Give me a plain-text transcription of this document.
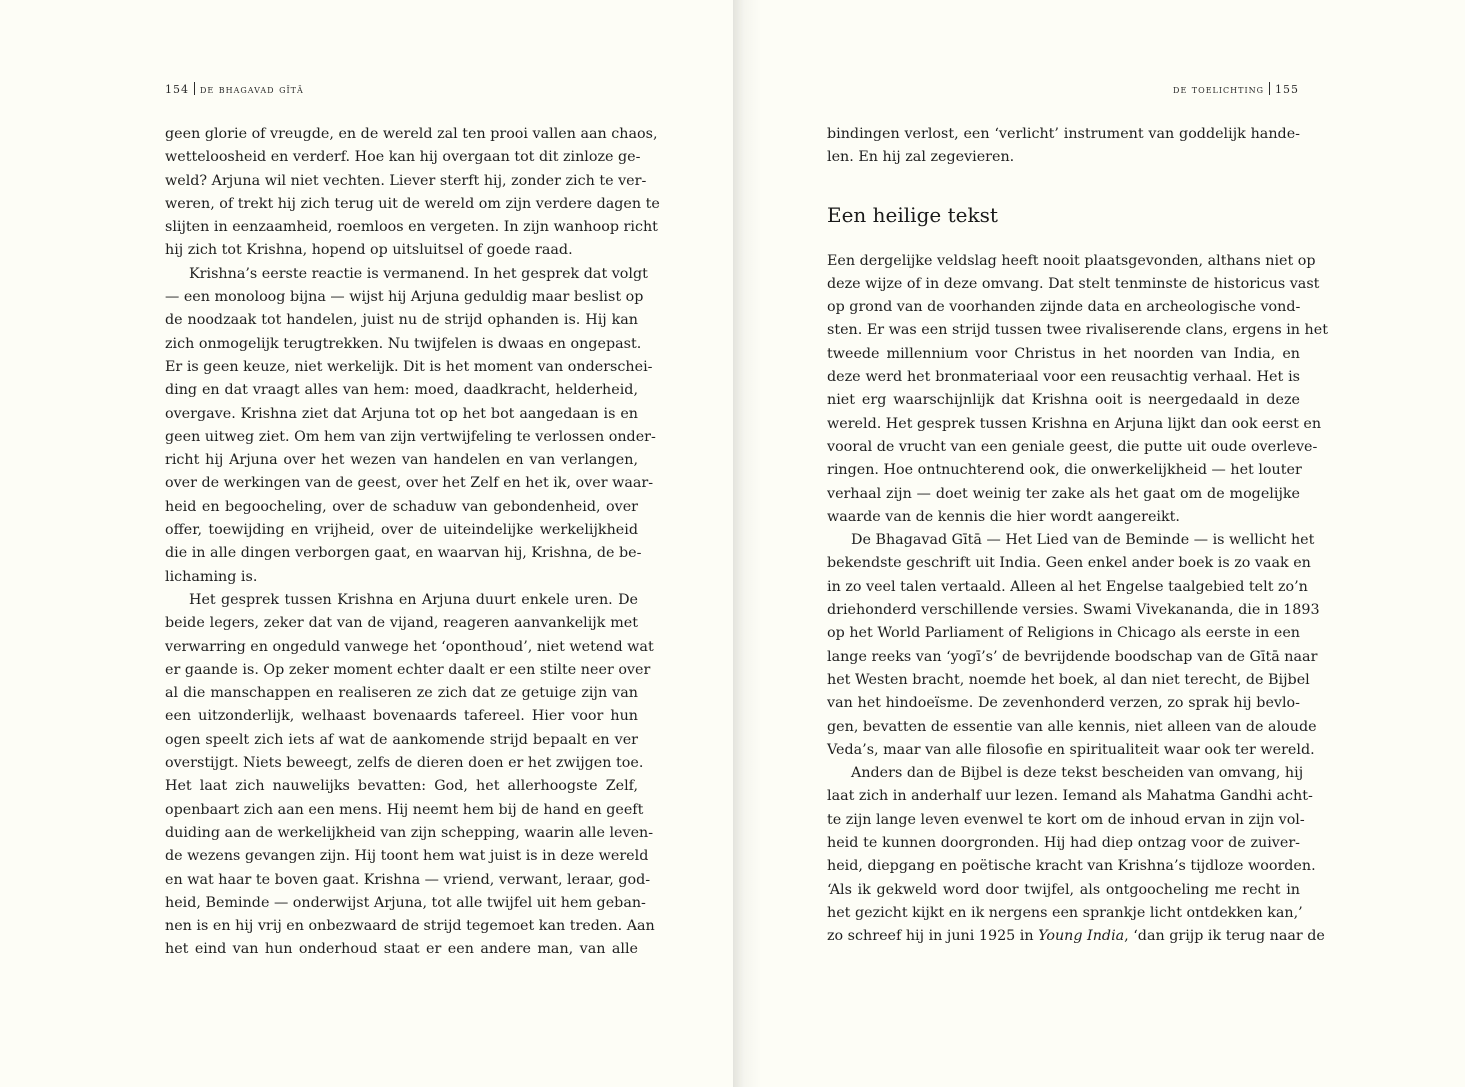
154 de bhagavad gītā
geen glorie of vreugde, en de wereld zal ten prooi vallen aan chaos,
wetteloosheid en verderf. Hoe kan hij overgaan tot dit zinloze ge-
weld? Arjuna wil niet vechten. Liever sterft hij, zonder zich te ver-
weren, of trekt hij zich terug uit de wereld om zijn verdere dagen te
slijten in eenzaamheid, roemloos en vergeten. In zijn wanhoop richt
hij zich tot Krishna, hopend op uitsluitsel of goede raad.
Krishna’s eerste reactie is vermanend. In het gesprek dat volgt
— een monoloog bijna — wijst hij Arjuna geduldig maar beslist op
de noodzaak tot handelen, juist nu de strijd ophanden is. Hij kan
zich onmogelijk terugtrekken. Nu twijfelen is dwaas en ongepast.
Er is geen keuze, niet werkelijk. Dit is het moment van onderschei-
ding en dat vraagt alles van hem: moed, daadkracht, helderheid,
overgave. Krishna ziet dat Arjuna tot op het bot aangedaan is en
geen uitweg ziet. Om hem van zijn vertwijfeling te verlossen onder-
richt hij Arjuna over het wezen van handelen en van verlangen,
over de werkingen van de geest, over het Zelf en het ik, over waar-
heid en begoocheling, over de schaduw van gebondenheid, over
offer, toewijding en vrijheid, over de uiteindelijke werkelijkheid
die in alle dingen verborgen gaat, en waarvan hij, Krishna, de be-
lichaming is.
Het gesprek tussen Krishna en Arjuna duurt enkele uren. De
beide legers, zeker dat van de vijand, reageren aanvankelijk met
verwarring en ongeduld vanwege het ‘oponthoud’, niet wetend wat
er gaande is. Op zeker moment echter daalt er een stilte neer over
al die manschappen en realiseren ze zich dat ze getuige zijn van
een uitzonderlijk, welhaast bovenaards tafereel. Hier voor hun
ogen speelt zich iets af wat de aankomende strijd bepaalt en ver
overstijgt. Niets beweegt, zelfs de dieren doen er het zwijgen toe.
Het laat zich nauwelijks bevatten: God, het allerhoogste Zelf,
openbaart zich aan een mens. Hij neemt hem bij de hand en geeft
duiding aan de werkelijkheid van zijn schepping, waarin alle leven-
de wezens gevangen zijn. Hij toont hem wat juist is in deze wereld
en wat haar te boven gaat. Krishna — vriend, verwant, leraar, god-
heid, Beminde — onderwijst Arjuna, tot alle twijfel uit hem geban-
nen is en hij vrij en onbezwaard de strijd tegemoet kan treden. Aan
het eind van hun onderhoud staat er een andere man, van alle
de toelichting 155
bindingen verlost, een ‘verlicht’ instrument van goddelijk hande-
len. En hij zal zegevieren.
Een heilige tekst
Een dergelijke veldslag heeft nooit plaatsgevonden, althans niet op
deze wijze of in deze omvang. Dat stelt tenminste de historicus vast
op grond van de voorhanden zijnde data en archeologische vond-
sten. Er was een strijd tussen twee rivaliserende clans, ergens in het
tweede millennium voor Christus in het noorden van India, en
deze werd het bronmateriaal voor een reusachtig verhaal. Het is
niet erg waarschijnlijk dat Krishna ooit is neergedaald in deze
wereld. Het gesprek tussen Krishna en Arjuna lijkt dan ook eerst en
vooral de vrucht van een geniale geest, die putte uit oude overleve-
ringen. Hoe ontnuchterend ook, die onwerkelijkheid — het louter
verhaal zijn — doet weinig ter zake als het gaat om de mogelijke
waarde van de kennis die hier wordt aangereikt.
De Bhagavad Gītā — Het Lied van de Beminde — is wellicht het
bekendste geschrift uit India. Geen enkel ander boek is zo vaak en
in zo veel talen vertaald. Alleen al het Engelse taalgebied telt zo’n
driehonderd verschillende versies. Swami Vivekananda, die in 1893
op het World Parliament of Religions in Chicago als eerste in een
lange reeks van ‘yogī’s’ de bevrijdende boodschap van de Gītā naar
het Westen bracht, noemde het boek, al dan niet terecht, de Bijbel
van het hindoeïsme. De zevenhonderd verzen, zo sprak hij bevlo-
gen, bevatten de essentie van alle kennis, niet alleen van de aloude
Veda’s, maar van alle filosofie en spiritualiteit waar ook ter wereld.
Anders dan de Bijbel is deze tekst bescheiden van omvang, hij
laat zich in anderhalf uur lezen. Iemand als Mahatma Gandhi acht-
te zijn lange leven evenwel te kort om de inhoud ervan in zijn vol-
heid te kunnen doorgronden. Hij had diep ontzag voor de zuiver-
heid, diepgang en poëtische kracht van Krishna’s tijdloze woorden.
‘Als ik gekweld word door twijfel, als ontgoocheling me recht in
het gezicht kijkt en ik nergens een sprankje licht ontdekken kan,’
zo schreef hij in juni 1925 in Young India, ‘dan grijp ik terug naar de
